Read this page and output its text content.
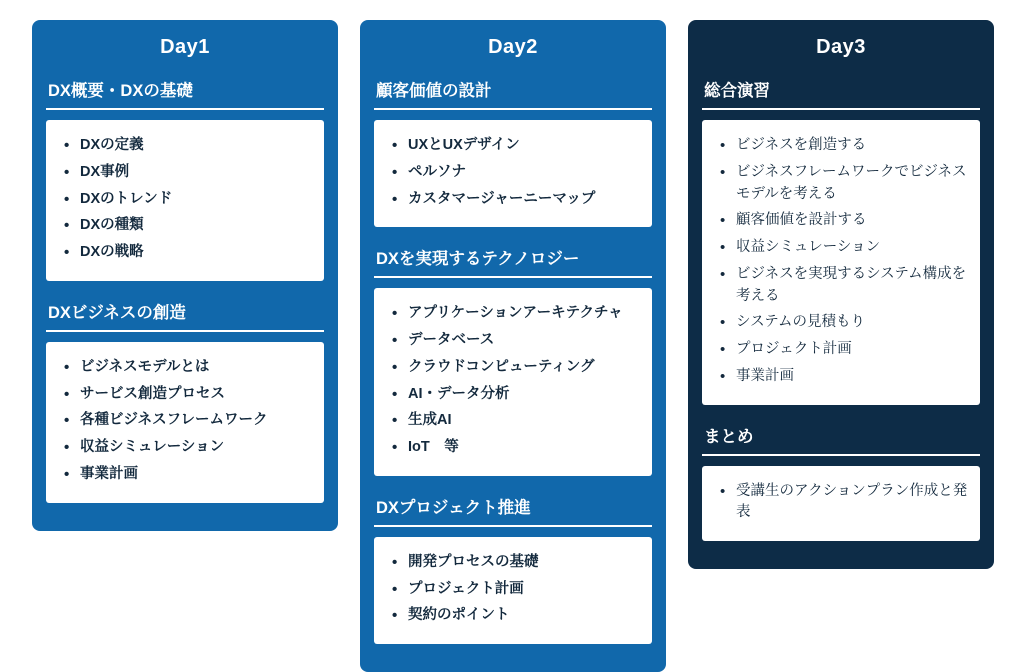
Day1
DX概要・DXの基礎
• DXの定義
• DX事例
• DXのトレンド
• DXの種類
• DXの戦略
DXビジネスの創造
• ビジネスモデルとは
• サービス創造プロセス
• 各種ビジネスフレームワーク
• 収益シミュレーション
• 事業計画
Day2
顧客価値の設計
• UXとUXデザイン
• ペルソナ
• カスタマージャーニーマップ
DXを実現するテクノロジー
• アプリケーションアーキテクチャ
• データベース
• クラウドコンピューティング
• AI・データ分析
• 生成AI
• IoT　等
DXプロジェクト推進
• 開発プロセスの基礎
• プロジェクト計画
• 契約のポイント
Day3
総合演習
• ビジネスを創造する
• ビジネスフレームワークでビジネスモデルを考える
• 顧客価値を設計する
• 収益シミュレーション
• ビジネスを実現するシステム構成を考える
• システムの見積もり
• プロジェクト計画
• 事業計画
まとめ
• 受講生のアクションプラン作成と発表
